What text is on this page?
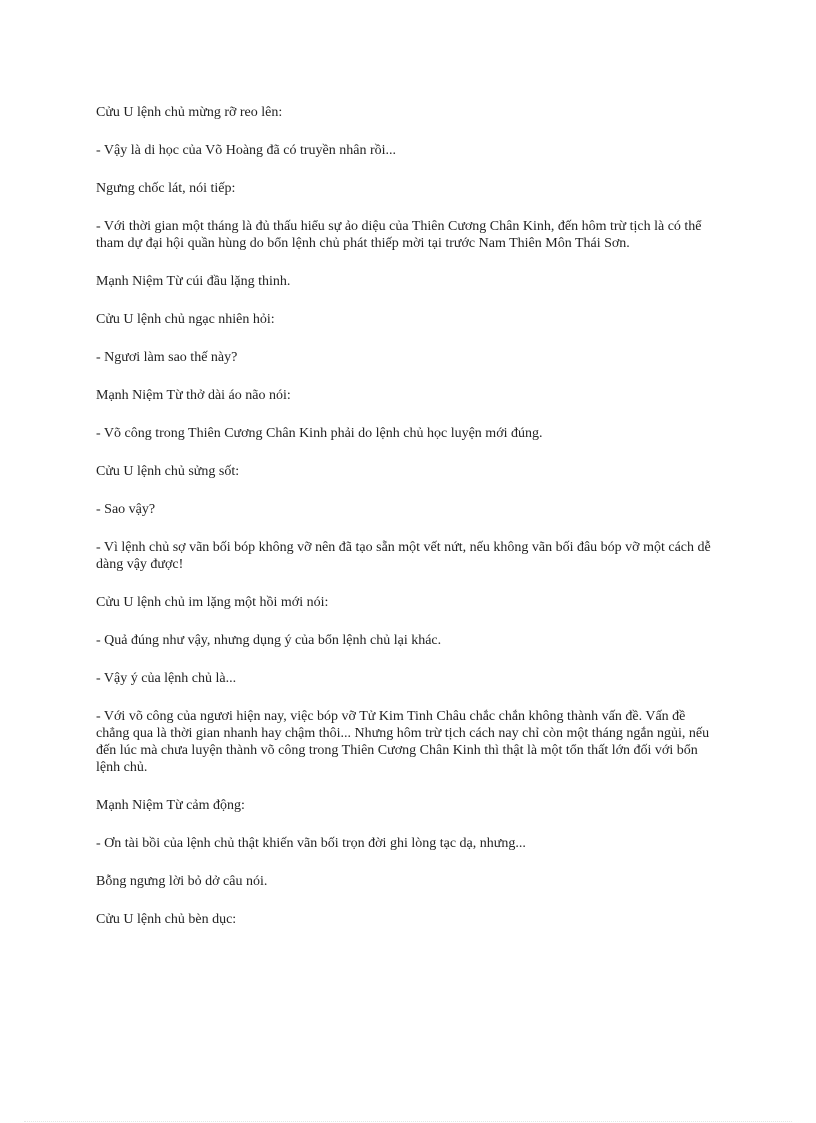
Cửu U lệnh chủ mừng rỡ reo lên:

- Vậy là di học của Võ Hoàng đã có truyền nhân rồi...

Ngưng chốc lát, nói tiếp:

- Với thời gian một tháng là đủ thấu hiểu sự ảo diệu của Thiên Cương Chân Kinh, đến hôm trừ tịch là có thể tham dự đại hội quần hùng do bổn lệnh chủ phát thiếp mời tại trước Nam Thiên Môn Thái Sơn.

Mạnh Niệm Từ cúi đầu lặng thinh.

Cửu U lệnh chủ ngạc nhiên hỏi:

- Ngươi làm sao thế này?

Mạnh Niệm Từ thở dài áo não nói:

- Võ công trong Thiên Cương Chân Kinh phải do lệnh chủ học luyện mới đúng.

Cửu U lệnh chủ sửng sốt:

- Sao vậy?

- Vì lệnh chủ sợ vãn bối bóp không vỡ nên đã tạo sẵn một vết nứt, nếu không vãn bối đâu bóp vỡ một cách dễ dàng vậy được!

Cửu U lệnh chủ im lặng một hồi mới nói:

- Quả đúng như vậy, nhưng dụng ý của bổn lệnh chủ lại khác.

- Vậy ý của lệnh chủ là...

- Với võ công của ngươi hiện nay, việc bóp vỡ Tử Kim Tinh Châu chắc chắn không thành vấn đề. Vấn đề chẳng qua là thời gian nhanh hay chậm thôi... Nhưng hôm trừ tịch cách nay chỉ còn một tháng ngắn ngủi, nếu đến lúc mà chưa luyện thành võ công trong Thiên Cương Chân Kinh thì thật là một tổn thất lớn đối với bổn lệnh chủ.

Mạnh Niệm Từ cảm động:

- Ơn tài bồi của lệnh chủ thật khiến vãn bối trọn đời ghi lòng tạc dạ, nhưng...

Bỗng ngưng lời bỏ dở câu nói.

Cửu U lệnh chủ bèn dục:
